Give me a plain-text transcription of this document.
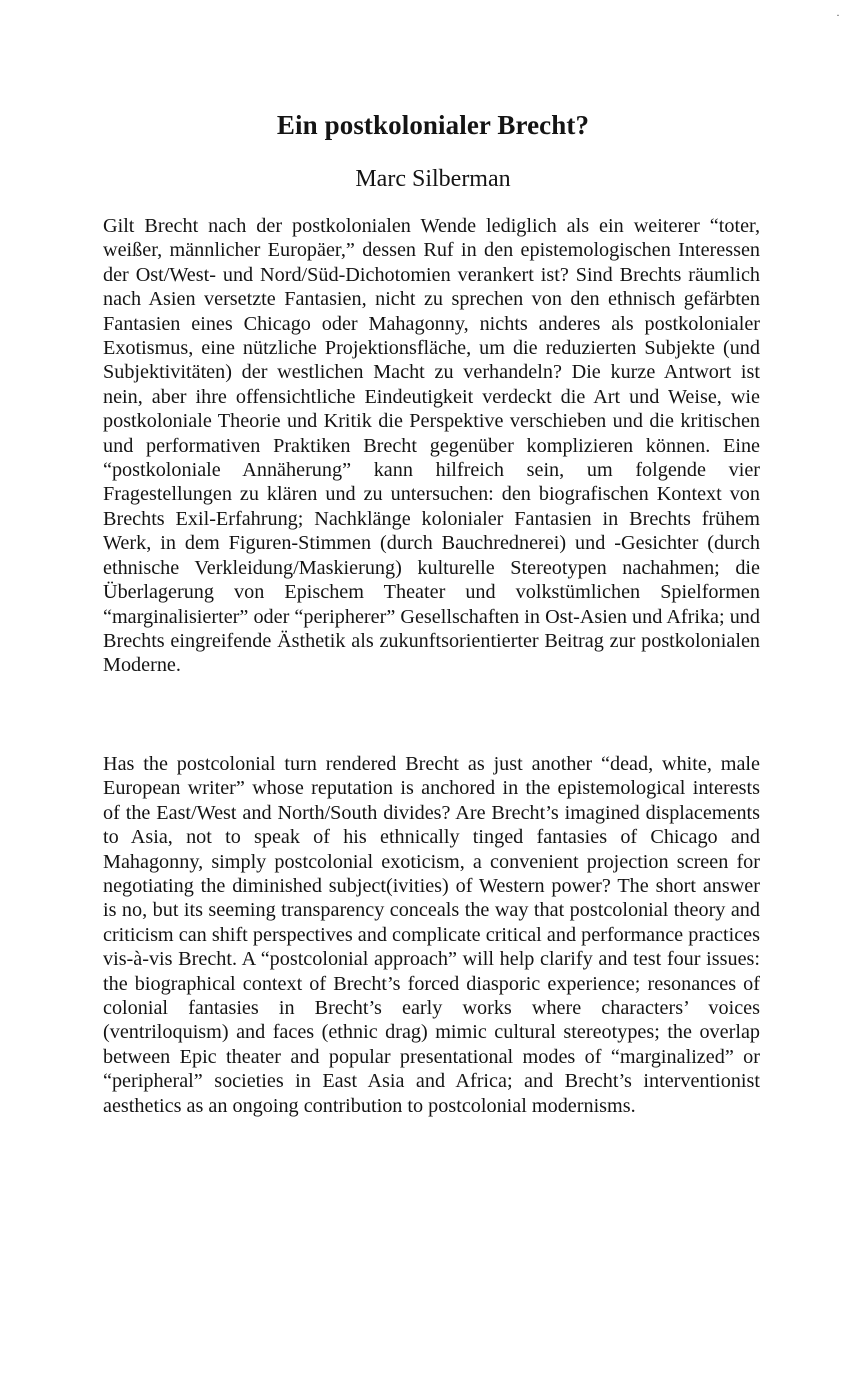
·
Ein postkolonialer Brecht?
Marc Silberman

Gilt Brecht nach der postkolonialen Wende lediglich als ein weiterer “toter, weißer, männlicher Europäer,” dessen Ruf in den epistemologischen Interessen der Ost/West- und Nord/Süd-Dichotomien verankert ist? Sind Brechts räumlich nach Asien versetzte Fantasien, nicht zu sprechen von den ethnisch gefärbten Fantasien eines Chicago oder Mahagonny, nichts anderes als postkolonialer Exotismus, eine nützliche Projektionsfläche, um die reduzierten Subjekte (und Subjektivitäten) der westlichen Macht zu verhandeln? Die kurze Antwort ist nein, aber ihre offensichtliche Eindeutigkeit verdeckt die Art und Weise, wie postkoloniale Theorie und Kritik die Perspektive verschieben und die kritischen und performativen Praktiken Brecht gegenüber komplizieren können. Eine “postkoloniale Annäherung” kann hilfreich sein, um folgende vier Fragestellungen zu klären und zu untersuchen: den biografischen Kontext von Brechts Exil-Erfahrung; Nachklänge kolonialer Fantasien in Brechts frühem Werk, in dem Figuren-Stimmen (durch Bauchrednerei) und -Gesichter (durch ethnische Verkleidung/Maskierung) kulturelle Stereotypen nachahmen; die Überlagerung von Epischem Theater und volkstümlichen Spielformen “marginalisierter” oder “peripherer” Gesellschaften in Ost-Asien und Afrika; und Brechts eingreifende Ästhetik als zukunftsorientierter Beitrag zur postkolonialen Moderne.

Has the postcolonial turn rendered Brecht as just another “dead, white, male European writer” whose reputation is anchored in the epistemological interests of the East/West and North/South divides? Are Brecht’s imagined displacements to Asia, not to speak of his ethnically tinged fantasies of Chicago and Mahagonny, simply postcolonial exoticism, a convenient projection screen for negotiating the diminished subject(ivities) of Western power? The short answer is no, but its seeming transparency conceals the way that postcolonial theory and criticism can shift perspectives and complicate critical and performance practices vis-à-vis Brecht. A “postcolonial approach” will help clarify and test four issues: the biographical context of Brecht’s forced diasporic experience; resonances of colonial fantasies in Brecht’s early works where characters’ voices (ventriloquism) and faces (ethnic drag) mimic cultural stereotypes; the overlap between Epic theater and popular presentational modes of “marginalized” or “peripheral” societies in East Asia and Africa; and Brecht’s interventionist aesthetics as an ongoing contribution to postcolonial modernisms.
